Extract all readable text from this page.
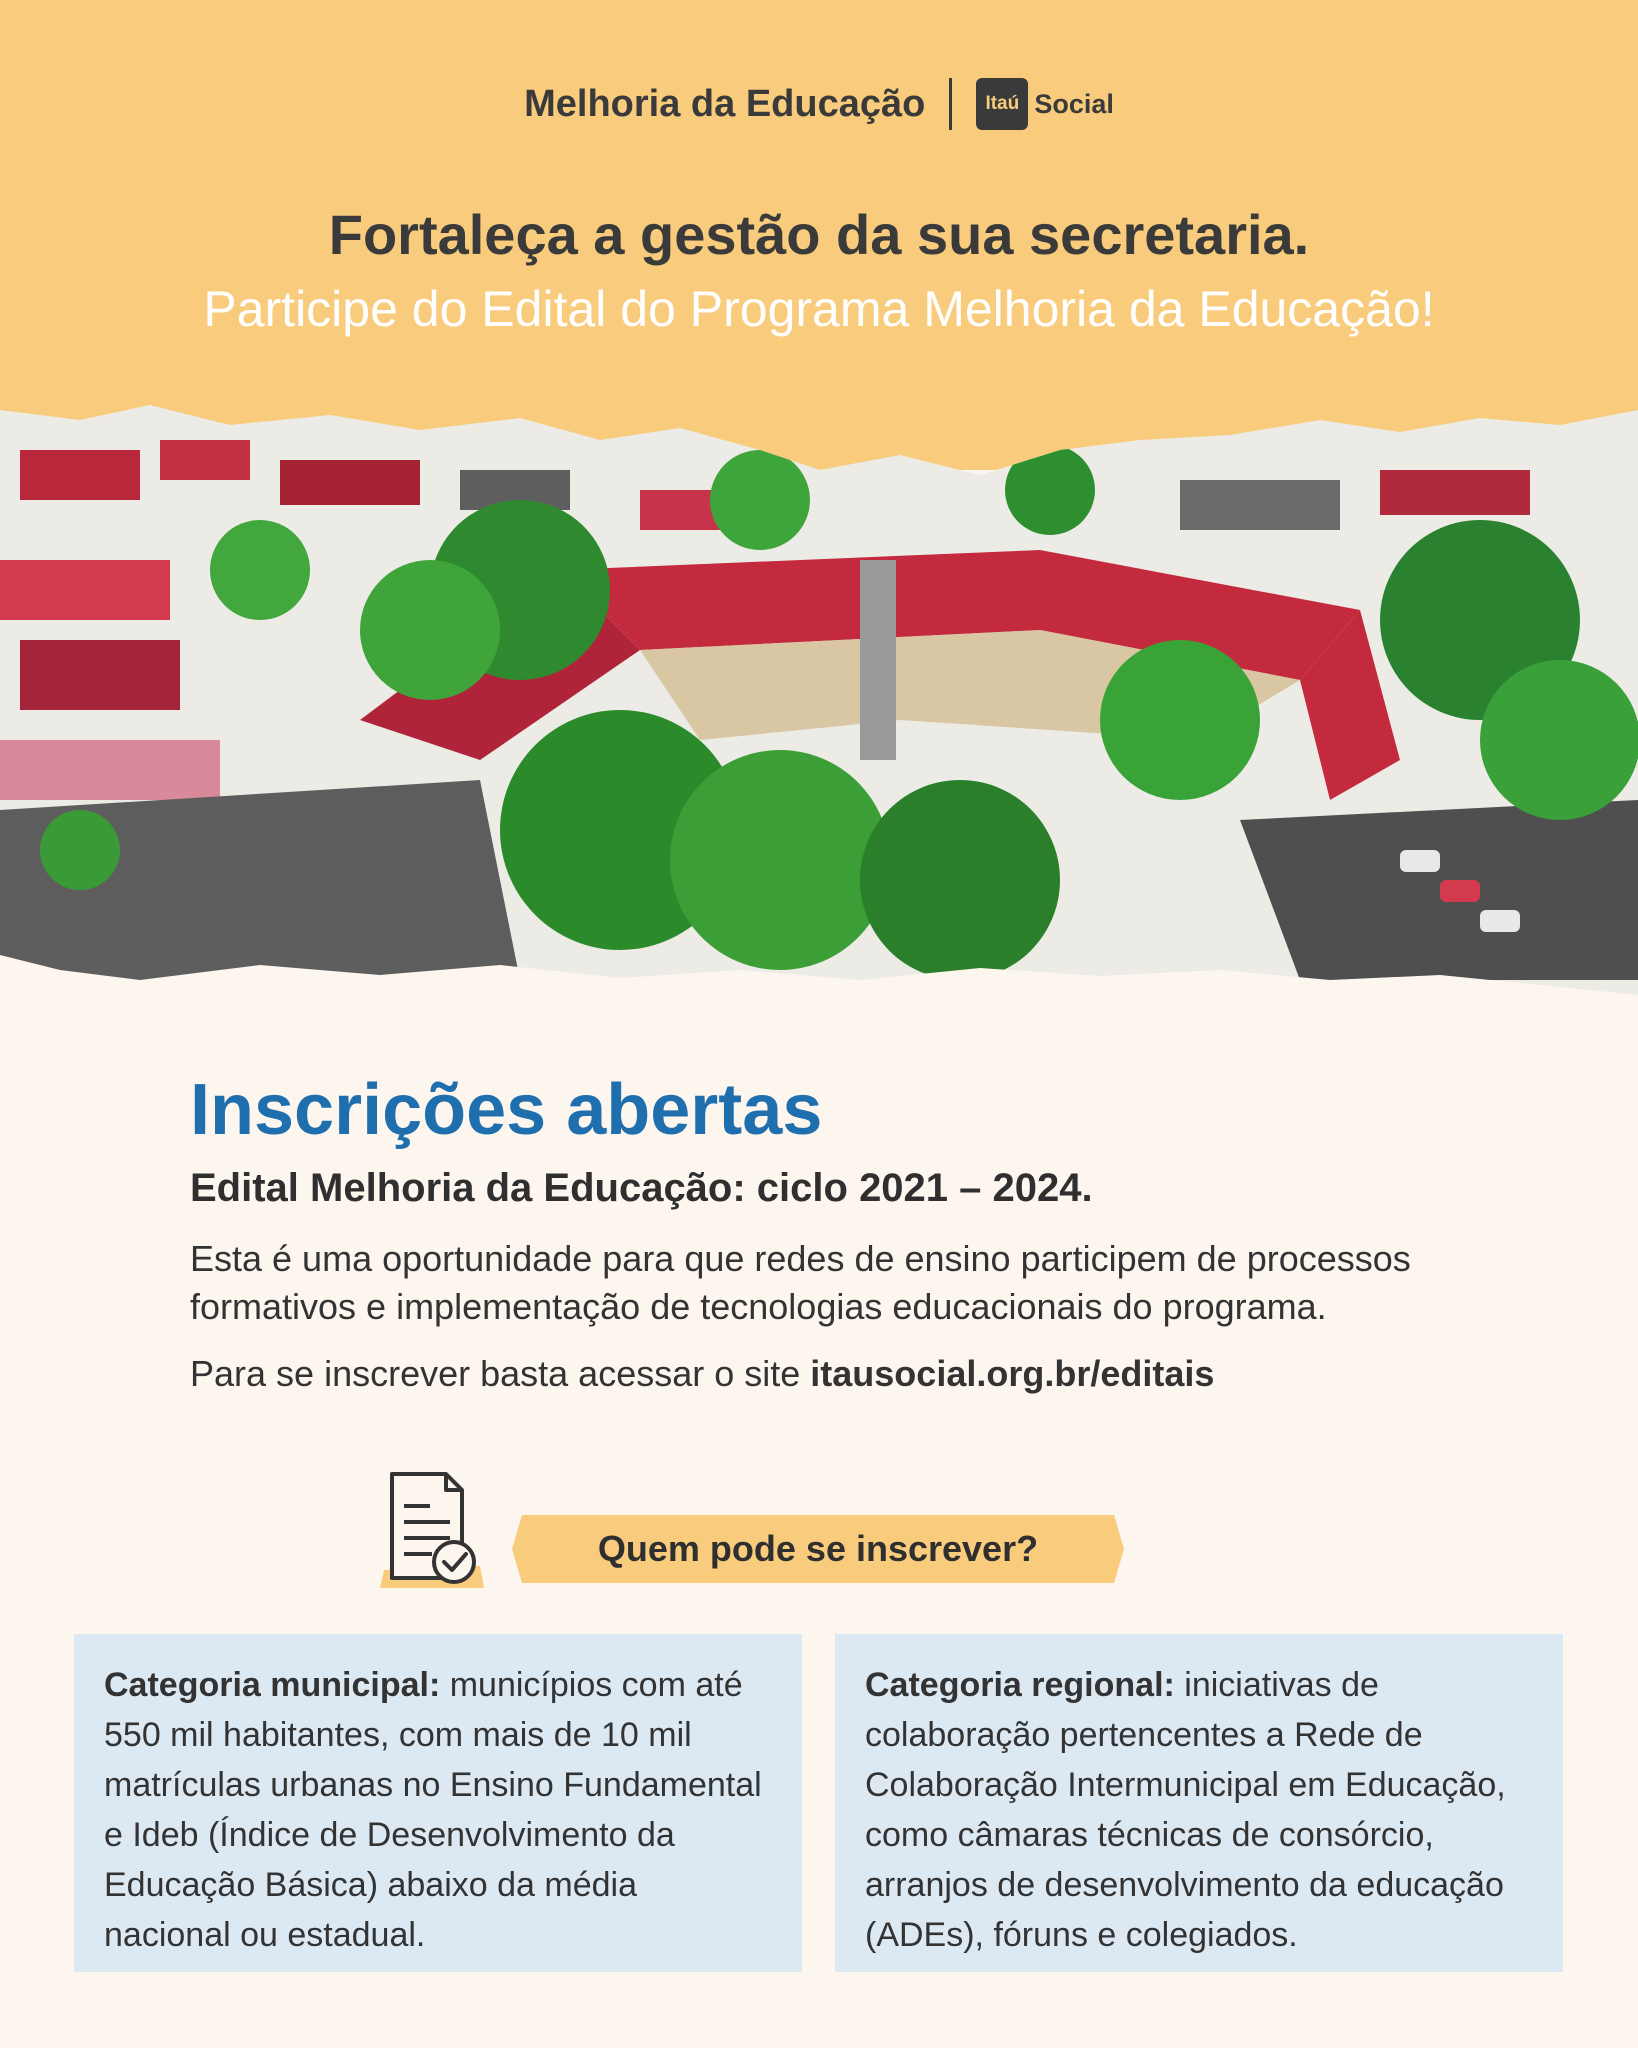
Melhoria da Educação	Itaú Social
Fortaleça a gestão da sua secretaria.
Participe do Edital do Programa Melhoria da Educação!
Inscrições abertas
Edital Melhoria da Educação: ciclo 2021 – 2024.
Esta é uma oportunidade para que redes de ensino participem de processos formativos e implementação de tecnologias educacionais do programa.
Para se inscrever basta acessar o site itausocial.org.br/editais
Quem pode se inscrever?
Categoria municipal: municípios com até 550 mil habitantes, com mais de 10 mil matrículas urbanas no Ensino Fundamental e Ideb (Índice de Desenvolvimento da Educação Básica) abaixo da média nacional ou estadual.
Categoria regional: iniciativas de colaboração pertencentes a Rede de Colaboração Intermunicipal em Educação, como câmaras técnicas de consórcio, arranjos de desenvolvimento da educação (ADEs), fóruns e colegiados.
